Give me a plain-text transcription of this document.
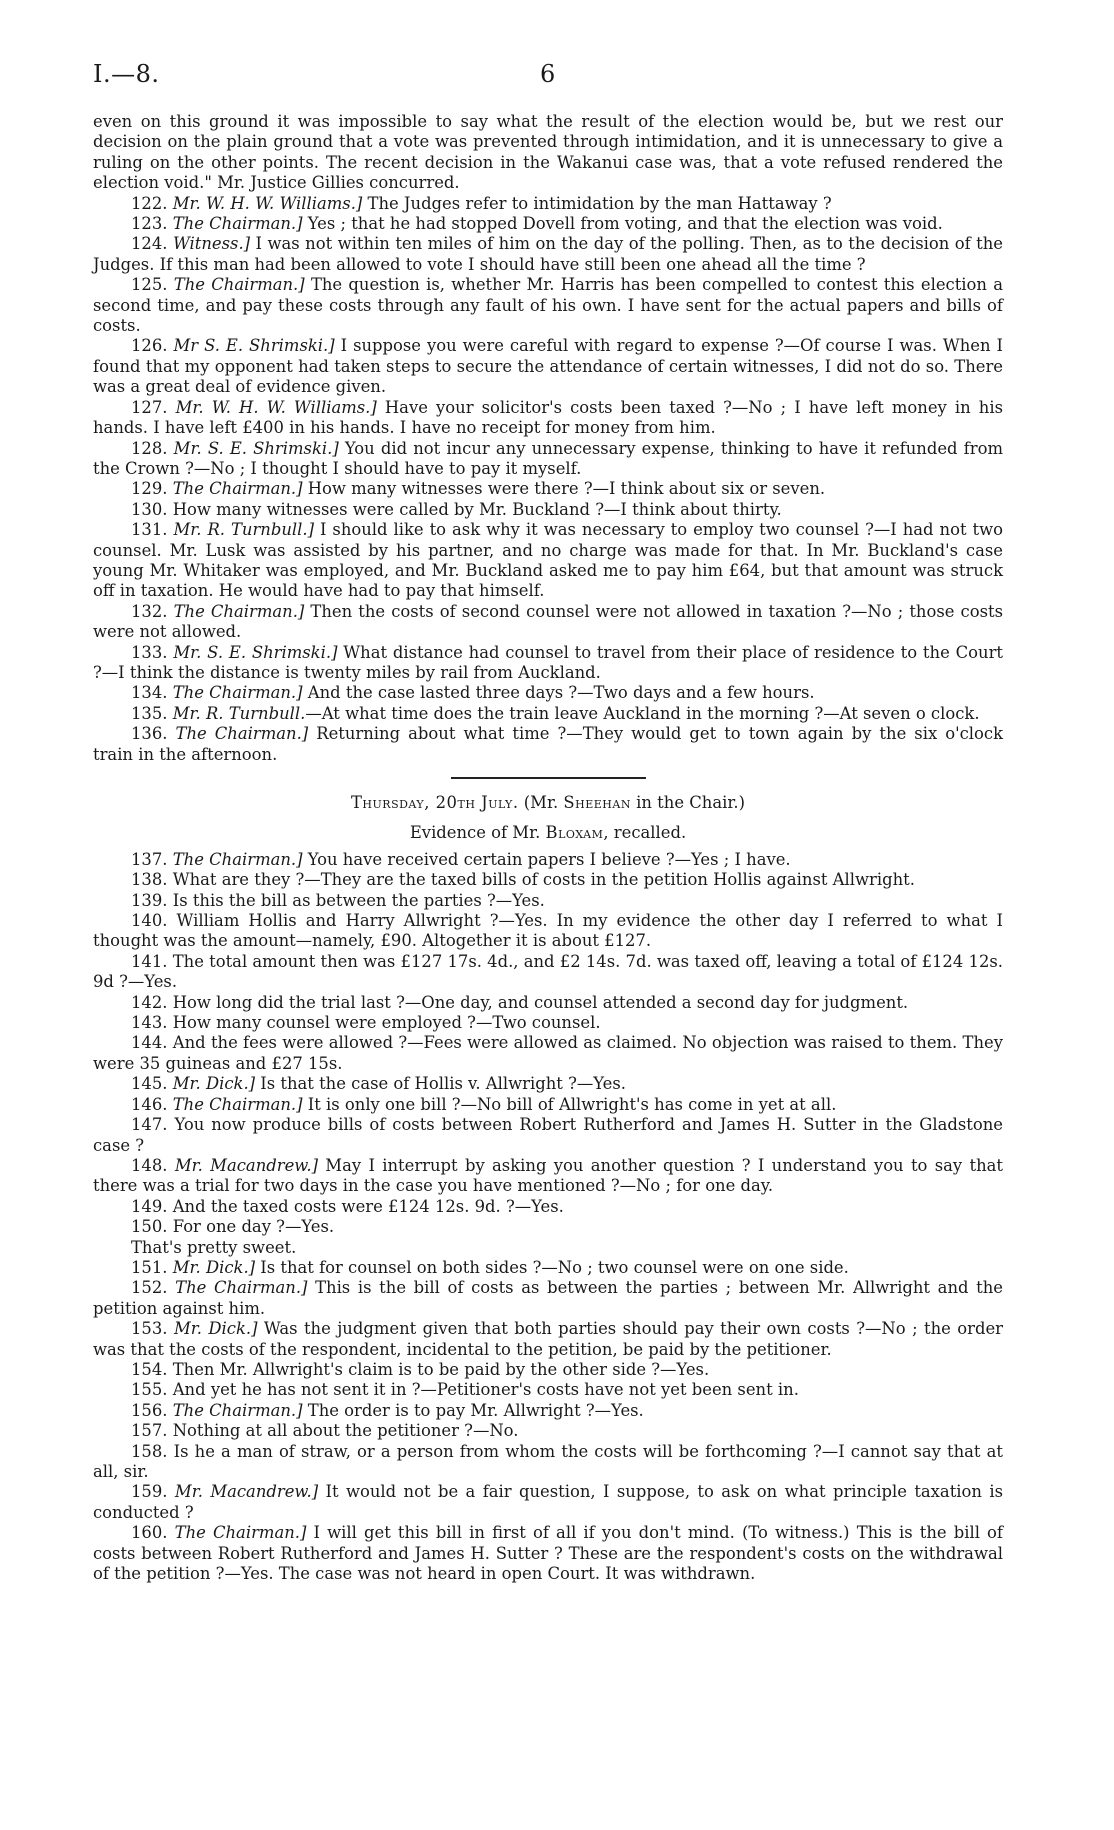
I.—8.	6

even on this ground it was impossible to say what the result of the election would be, but we rest our decision on the plain ground that a vote was prevented through intimidation, and it is unnecessary to give a ruling on the other points. The recent decision in the Wakanui case was, that a vote refused rendered the election void." Mr. Justice Gillies concurred.

122. Mr. W. H. W. Williams.] The Judges refer to intimidation by the man Hattaway ?

123. The Chairman.] Yes ; that he had stopped Dovell from voting, and that the election was void.

124. Witness.] I was not within ten miles of him on the day of the polling. Then, as to the decision of the Judges. If this man had been allowed to vote I should have still been one ahead all the time ?

125. The Chairman.] The question is, whether Mr. Harris has been compelled to contest this election a second time, and pay these costs through any fault of his own. I have sent for the actual papers and bills of costs.

126. Mr S. E. Shrimski.] I suppose you were careful with regard to expense ?—Of course I was. When I found that my opponent had taken steps to secure the attendance of certain witnesses, I did not do so. There was a great deal of evidence given.

127. Mr. W. H. W. Williams.] Have your solicitor's costs been taxed ?—No ; I have left money in his hands. I have left £400 in his hands. I have no receipt for money from him.

128. Mr. S. E. Shrimski.] You did not incur any unnecessary expense, thinking to have it refunded from the Crown ?—No ; I thought I should have to pay it myself.

129. The Chairman.] How many witnesses were there ?—I think about six or seven.

130. How many witnesses were called by Mr. Buckland ?—I think about thirty.

131. Mr. R. Turnbull.] I should like to ask why it was necessary to employ two counsel ?—I had not two counsel. Mr. Lusk was assisted by his partner, and no charge was made for that. In Mr. Buckland's case young Mr. Whitaker was employed, and Mr. Buckland asked me to pay him £64, but that amount was struck off in taxation. He would have had to pay that himself.

132. The Chairman.] Then the costs of second counsel were not allowed in taxation ?—No ; those costs were not allowed.

133. Mr. S. E. Shrimski.] What distance had counsel to travel from their place of residence to the Court ?—I think the distance is twenty miles by rail from Auckland.

134. The Chairman.] And the case lasted three days ?—Two days and a few hours.

135. Mr. R. Turnbull.—At what time does the train leave Auckland in the morning ?—At seven o clock.

136. The Chairman.] Returning about what time ?—They would get to town again by the six o'clock train in the afternoon.

Thursday, 20th July. (Mr. Sheehan in the Chair.)

Evidence of Mr. Bloxam, recalled.

137. The Chairman.] You have received certain papers I believe ?—Yes ; I have.

138. What are they ?—They are the taxed bills of costs in the petition Hollis against Allwright.

139. Is this the bill as between the parties ?—Yes.

140. William Hollis and Harry Allwright ?—Yes. In my evidence the other day I referred to what I thought was the amount—namely, £90. Altogether it is about £127.

141. The total amount then was £127 17s. 4d., and £2 14s. 7d. was taxed off, leaving a total of £124 12s. 9d ?—Yes.

142. How long did the trial last ?—One day, and counsel attended a second day for judgment.

143. How many counsel were employed ?—Two counsel.

144. And the fees were allowed ?—Fees were allowed as claimed. No objection was raised to them. They were 35 guineas and £27 15s.

145. Mr. Dick.] Is that the case of Hollis v. Allwright ?—Yes.

146. The Chairman.] It is only one bill ?—No bill of Allwright's has come in yet at all.

147. You now produce bills of costs between Robert Rutherford and James H. Sutter in the Gladstone case ?

148. Mr. Macandrew.] May I interrupt by asking you another question ? I understand you to say that there was a trial for two days in the case you have mentioned ?—No ; for one day.

149. And the taxed costs were £124 12s. 9d. ?—Yes.

150. For one day ?—Yes.

That's pretty sweet.

151. Mr. Dick.] Is that for counsel on both sides ?—No ; two counsel were on one side.

152. The Chairman.] This is the bill of costs as between the parties ; between Mr. Allwright and the petition against him.

153. Mr. Dick.] Was the judgment given that both parties should pay their own costs ?—No ; the order was that the costs of the respondent, incidental to the petition, be paid by the petitioner.

154. Then Mr. Allwright's claim is to be paid by the other side ?—Yes.

155. And yet he has not sent it in ?—Petitioner's costs have not yet been sent in.

156. The Chairman.] The order is to pay Mr. Allwright ?—Yes.

157. Nothing at all about the petitioner ?—No.

158. Is he a man of straw, or a person from whom the costs will be forthcoming ?—I cannot say that at all, sir.

159. Mr. Macandrew.] It would not be a fair question, I suppose, to ask on what principle taxation is conducted ?

160. The Chairman.] I will get this bill in first of all if you don't mind. (To witness.) This is the bill of costs between Robert Rutherford and James H. Sutter ? These are the respondent's costs on the withdrawal of the petition ?—Yes. The case was not heard in open Court. It was withdrawn.
